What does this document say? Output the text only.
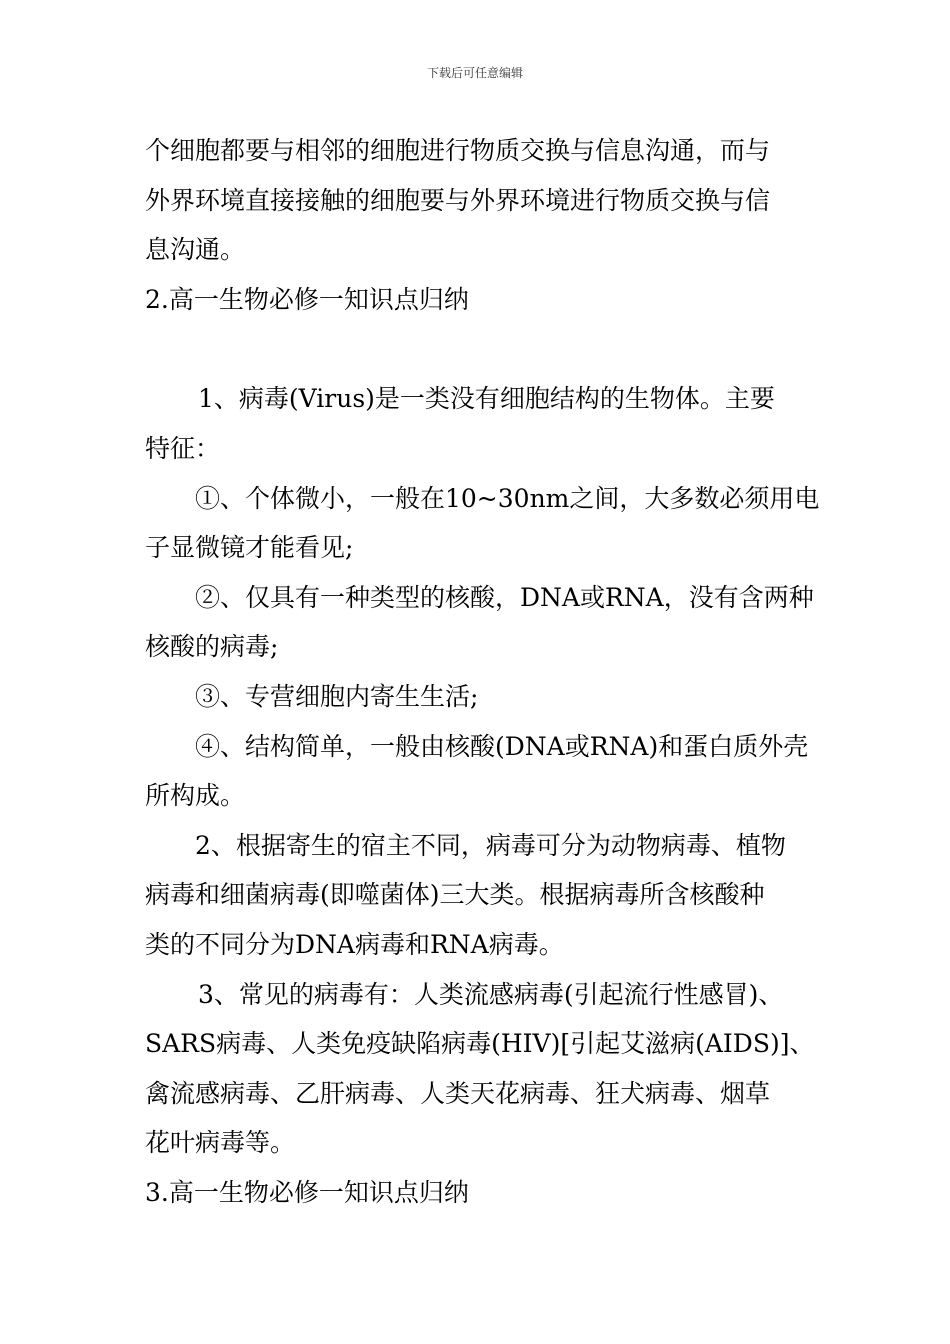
下载后可任意编辑

个细胞都要与相邻的细胞进行物质交换与信息沟通，而与

外界环境直接接触的细胞要与外界环境进行物质交换与信

息沟通。

2.高一生物必修一知识点归纳

1、病毒(Virus)是一类没有细胞结构的生物体。主要

特征：

①、个体微小，一般在10~30nm之间，大多数必须用电

子显微镜才能看见;

②、仅具有一种类型的核酸，DNA或RNA，没有含两种

核酸的病毒;

③、专营细胞内寄生生活;

④、结构简单，一般由核酸(DNA或RNA)和蛋白质外壳

所构成。

2、根据寄生的宿主不同，病毒可分为动物病毒、植物

病毒和细菌病毒(即噬菌体)三大类。根据病毒所含核酸种

类的不同分为DNA病毒和RNA病毒。

3、常见的病毒有：人类流感病毒(引起流行性感冒)、

SARS病毒、人类免疫缺陷病毒(HIV)[引起艾滋病(AIDS)]、

禽流感病毒、乙肝病毒、人类天花病毒、狂犬病毒、烟草

花叶病毒等。

3.高一生物必修一知识点归纳
